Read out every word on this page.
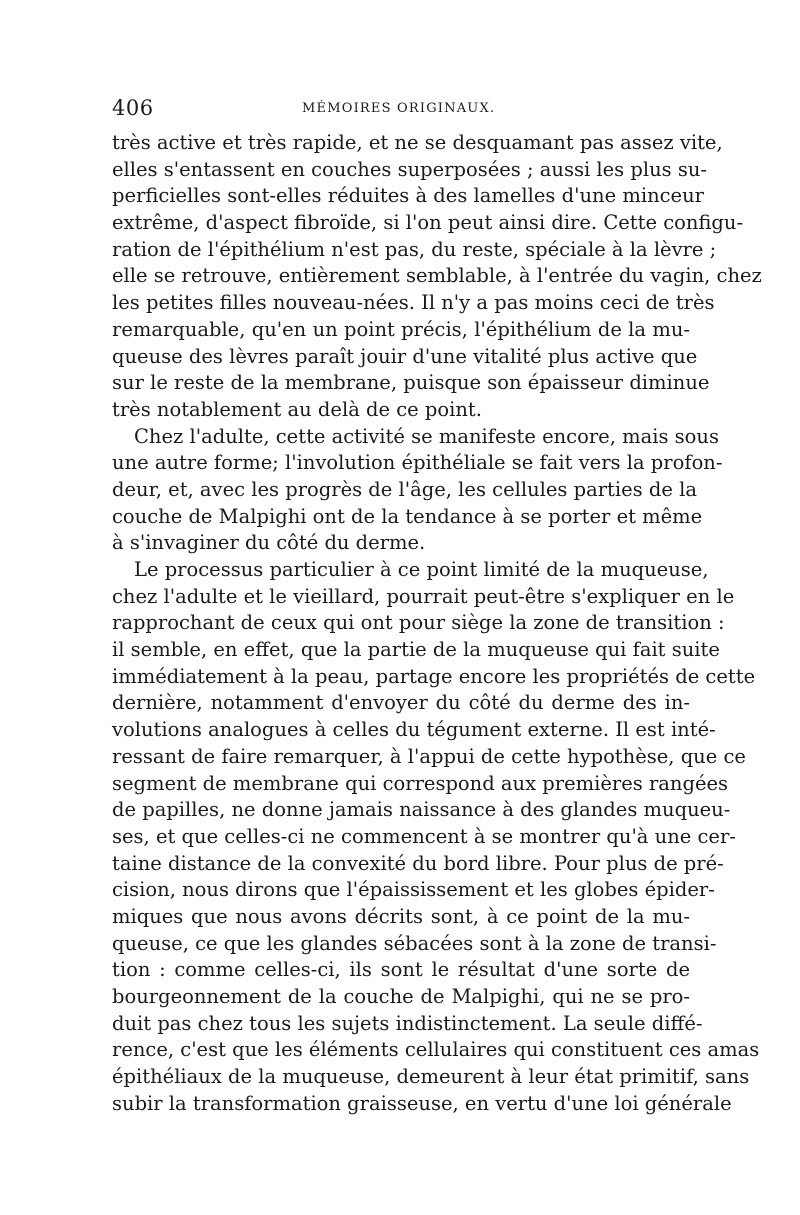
406	MÉMOIRES ORIGINAUX.
très active et très rapide, et ne se desquamant pas assez vite,
elles s'entassent en couches superposées ; aussi les plus su-
perficielles sont-elles réduites à des lamelles d'une minceur
extrême, d'aspect fibroïde, si l'on peut ainsi dire. Cette configu-
ration de l'épithélium n'est pas, du reste, spéciale à la lèvre ;
elle se retrouve, entièrement semblable, à l'entrée du vagin, chez
les petites filles nouveau-nées. Il n'y a pas moins ceci de très
remarquable, qu'en un point précis, l'épithélium de la mu-
queuse des lèvres paraît jouir d'une vitalité plus active que
sur le reste de la membrane, puisque son épaisseur diminue
très notablement au delà de ce point.
Chez l'adulte, cette activité se manifeste encore, mais sous
une autre forme; l'involution épithéliale se fait vers la profon-
deur, et, avec les progrès de l'âge, les cellules parties de la
couche de Malpighi ont de la tendance à se porter et même
à s'invaginer du côté du derme.
Le processus particulier à ce point limité de la muqueuse,
chez l'adulte et le vieillard, pourrait peut-être s'expliquer en le
rapprochant de ceux qui ont pour siège la zone de transition :
il semble, en effet, que la partie de la muqueuse qui fait suite
immédiatement à la peau, partage encore les propriétés de cette
dernière, notamment d'envoyer du côté du derme des in-
volutions analogues à celles du tégument externe. Il est inté-
ressant de faire remarquer, à l'appui de cette hypothèse, que ce
segment de membrane qui correspond aux premières rangées
de papilles, ne donne jamais naissance à des glandes muqueu-
ses, et que celles-ci ne commencent à se montrer qu'à une cer-
taine distance de la convexité du bord libre. Pour plus de pré-
cision, nous dirons que l'épaississement et les globes épider-
miques que nous avons décrits sont, à ce point de la mu-
queuse, ce que les glandes sébacées sont à la zone de transi-
tion : comme celles-ci, ils sont le résultat d'une sorte de
bourgeonnement de la couche de Malpighi, qui ne se pro-
duit pas chez tous les sujets indistinctement. La seule diffé-
rence, c'est que les éléments cellulaires qui constituent ces amas
épithéliaux de la muqueuse, demeurent à leur état primitif, sans
subir la transformation graisseuse, en vertu d'une loi générale
